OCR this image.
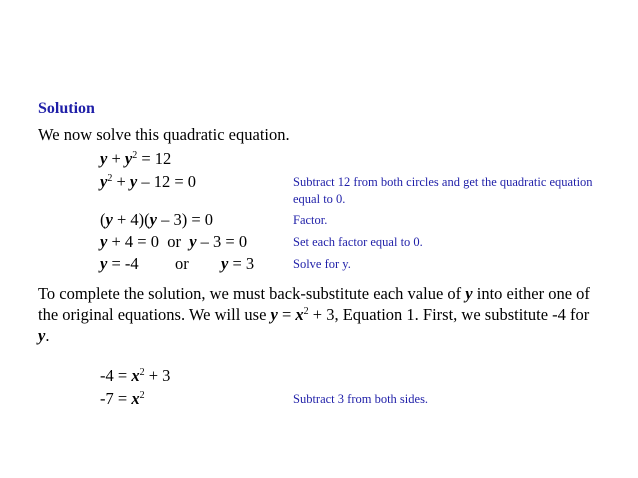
Solution
We now solve this quadratic equation.
$y + y^2 = 12$
$y^2 + y - 12 = 0$	Subtract 12 from both circles and get the quadratic equation equal to 0.
(y + 4)(y – 3) = 0	Factor.
y + 4 = 0  or  y – 3 = 0	Set each factor equal to 0.
y = -4 or y = 3	Solve for y.
To complete the solution, we must back-substitute each value of y into either one of the original equations. We will use $y = x^2 + 3$, Equation 1. First, we substitute -4 for y.
$-4 = x^2 + 3$
$-7 = x^2$	Subtract 3 from both sides.
